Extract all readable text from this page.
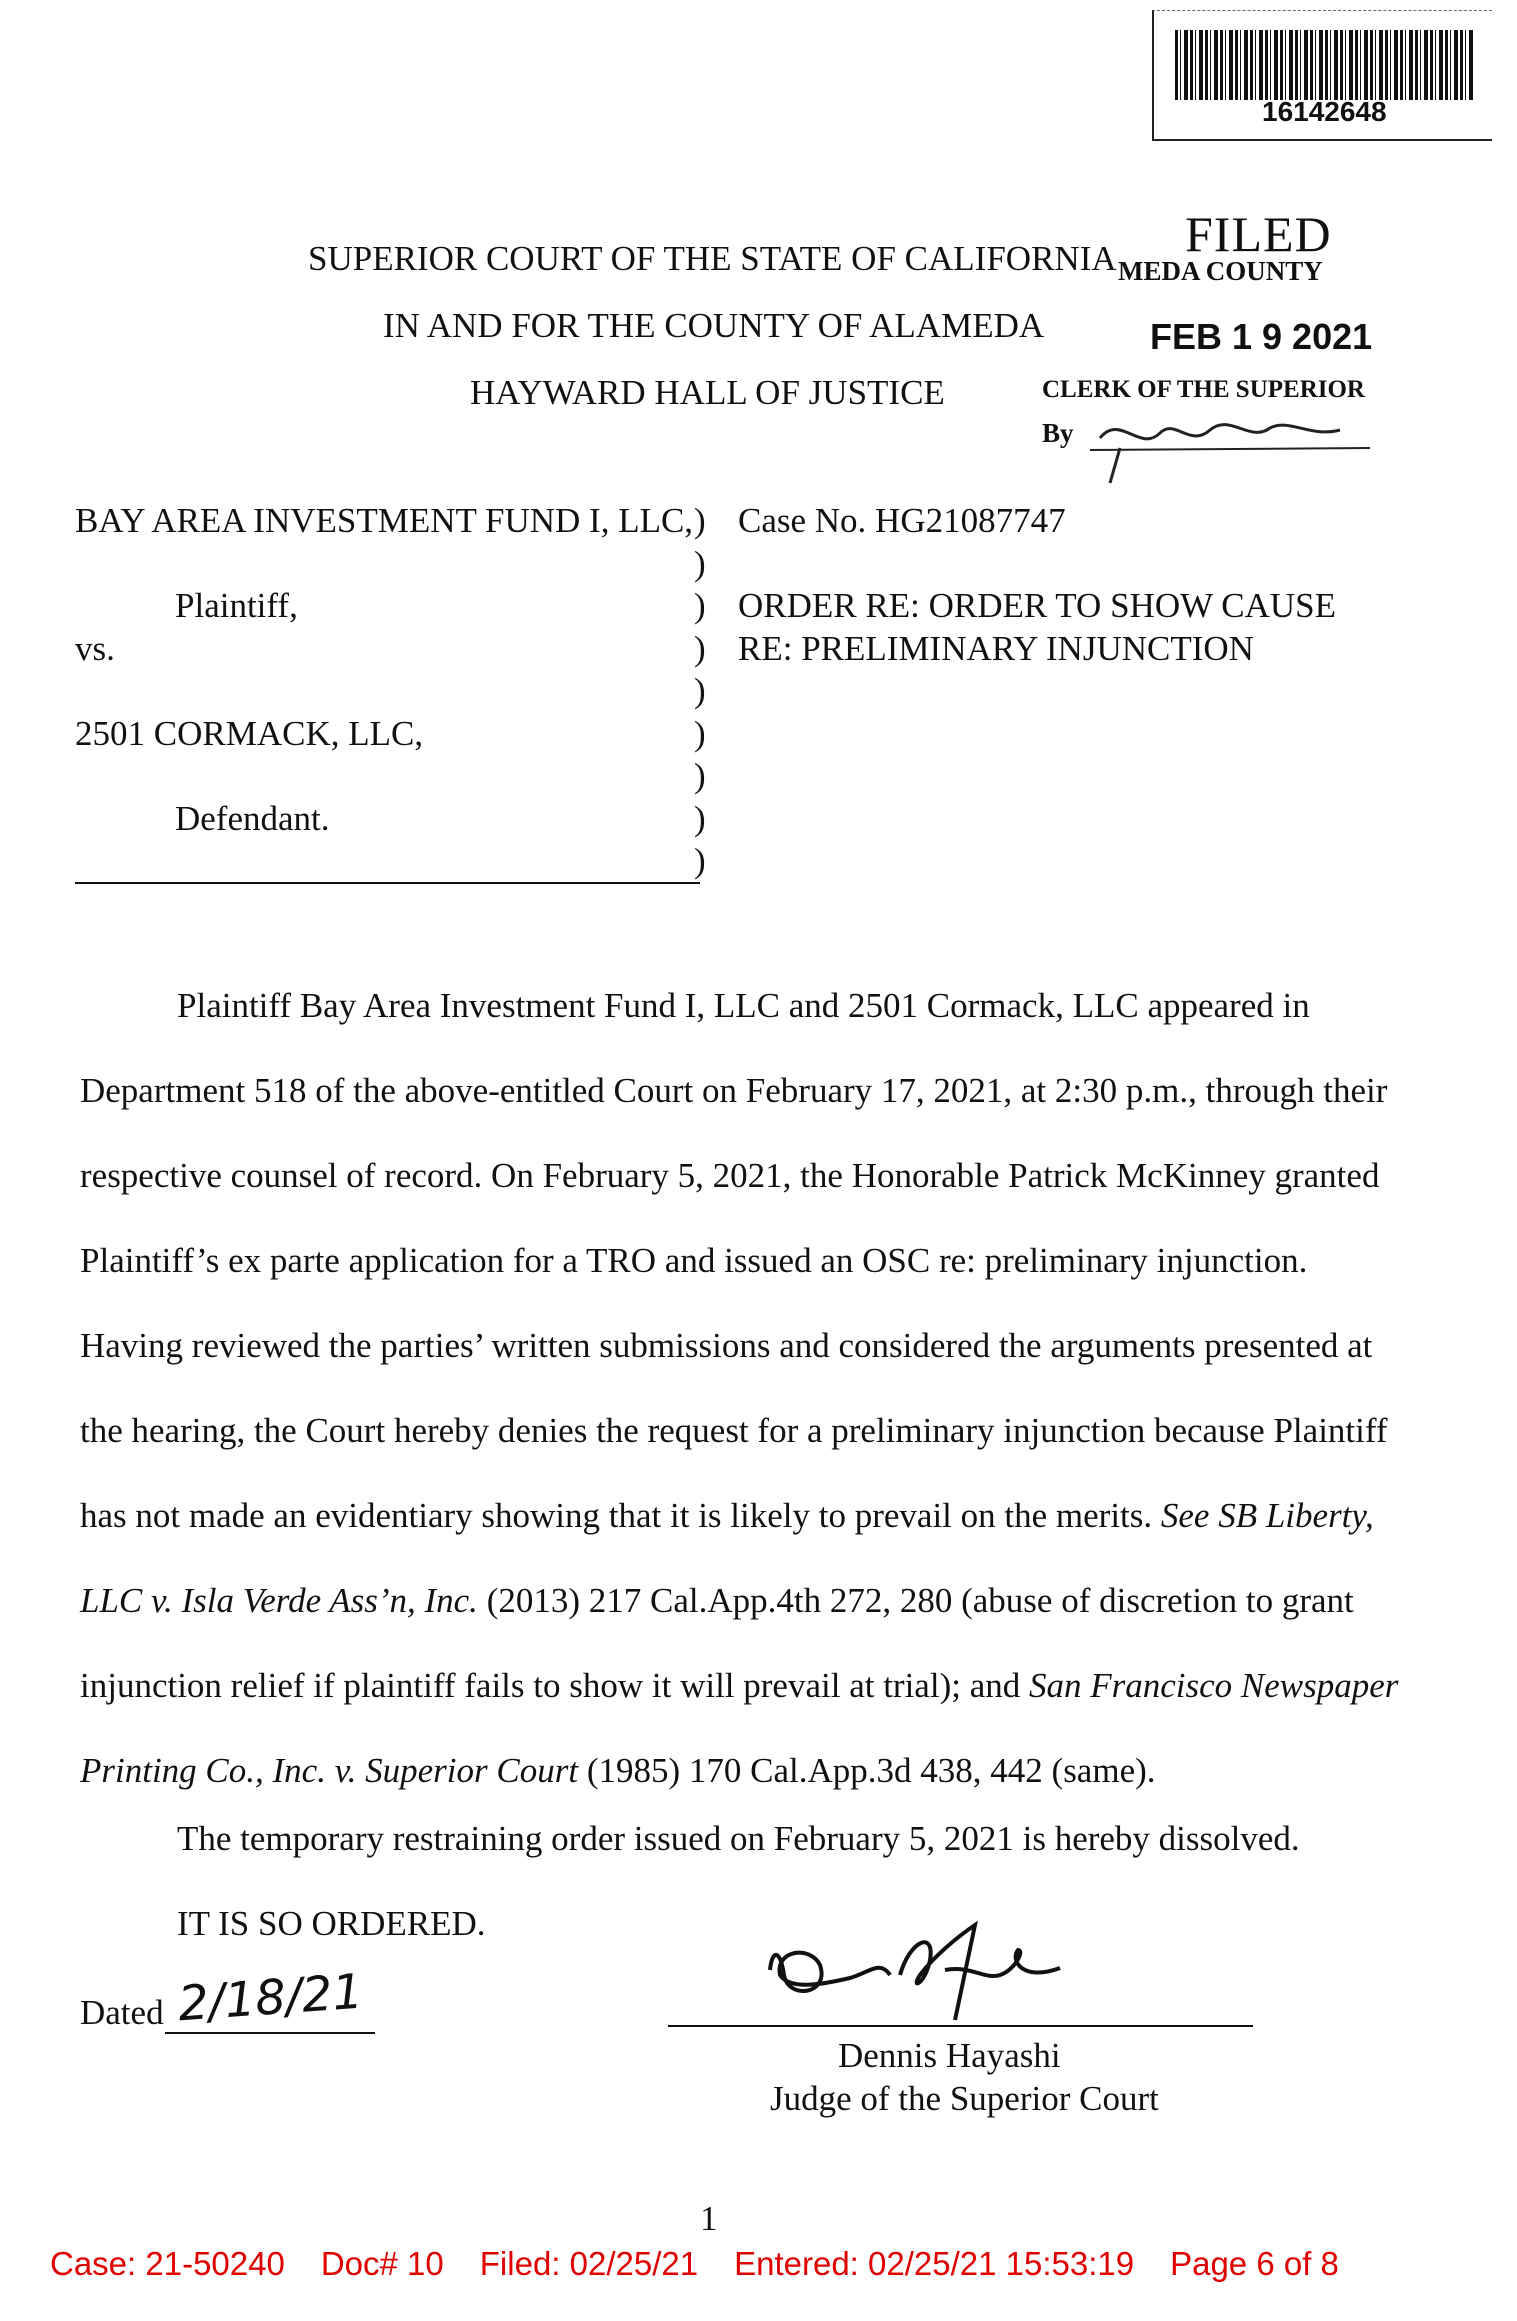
16142648
FILED
MEDA COUNTY
FEB 1 9 2021
CLERK OF THE SUPERIOR
By
SUPERIOR COURT OF THE STATE OF CALIFORNIA
IN AND FOR THE COUNTY OF ALAMEDA
HAYWARD HALL OF JUSTICE
BAY AREA INVESTMENT FUND I, LLC,
Plaintiff,
vs.
2501 CORMACK, LLC,
Defendant.
)
)
)
)
)
)
)
)
)

Case No. HG21087747
ORDER RE: ORDER TO SHOW CAUSE
RE: PRELIMINARY INJUNCTION
Plaintiff Bay Area Investment Fund I, LLC and 2501 Cormack, LLC appeared in Department 518 of the above-entitled Court on February 17, 2021, at 2:30 p.m., through their respective counsel of record. On February 5, 2021, the Honorable Patrick McKinney granted Plaintiff’s ex parte application for a TRO and issued an OSC re: preliminary injunction. Having reviewed the parties’ written submissions and considered the arguments presented at the hearing, the Court hereby denies the request for a preliminary injunction because Plaintiff has not made an evidentiary showing that it is likely to prevail on the merits. See SB Liberty, LLC v. Isla Verde Ass’n, Inc. (2013) 217 Cal.App.4th 272, 280 (abuse of discretion to grant injunction relief if plaintiff fails to show it will prevail at trial); and San Francisco Newspaper Printing Co., Inc. v. Superior Court (1985) 170 Cal.App.3d 438, 442 (same).
The temporary restraining order issued on February 5, 2021 is hereby dissolved.
IT IS SO ORDERED.
Dated 2/18/21
Dennis Hayashi
Judge of the Superior Court
1
Case: 21-50240 Doc# 10 Filed: 02/25/21 Entered: 02/25/21 15:53:19 Page 6 of 8
